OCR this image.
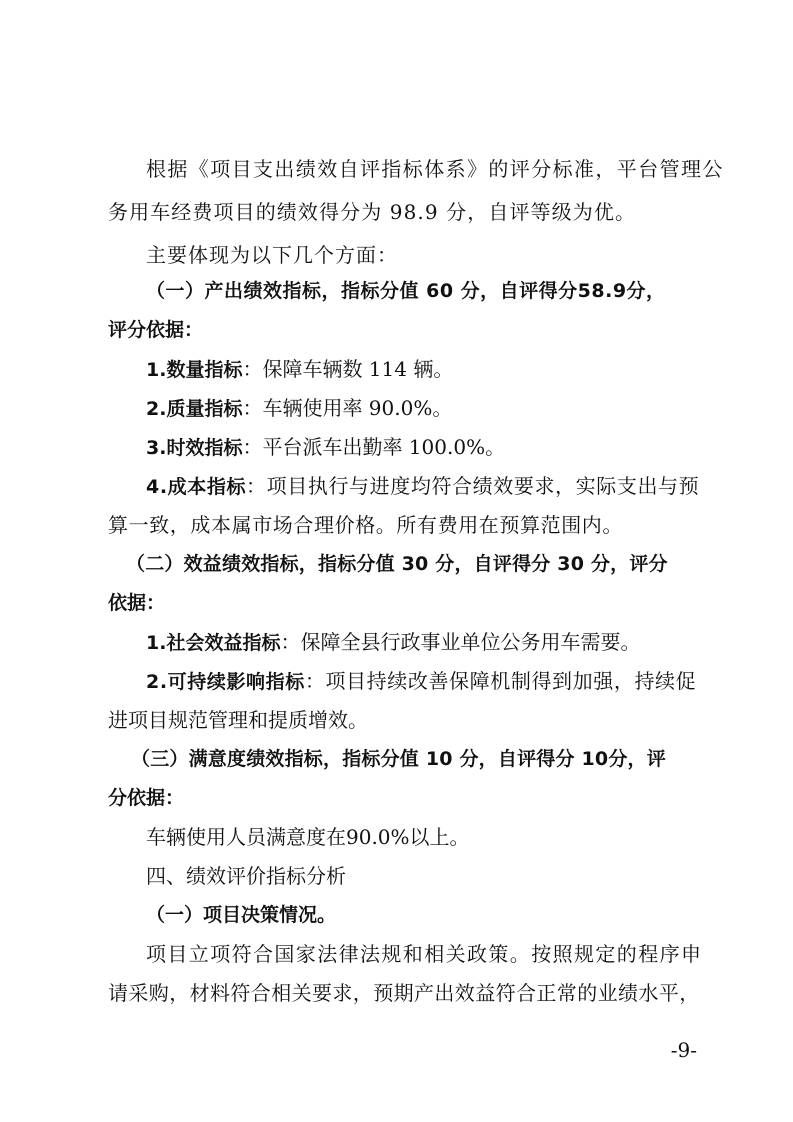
根据《项目支出绩效自评指标体系》的评分标准，平台管理公
务用车经费项目的绩效得分为 98.9 分，自评等级为优。
主要体现为以下几个方面：
（一）产出绩效指标，指标分值 60 分，自评得分58.9分，
评分依据：
1.数量指标：保障车辆数 114 辆。
2.质量指标：车辆使用率 90.0%。
3.时效指标：平台派车出勤率 100.0%。
4.成本指标：项目执行与进度均符合绩效要求，实际支出与预
算一致，成本属市场合理价格。所有费用在预算范围内。
（二）效益绩效指标，指标分值 30 分，自评得分 30 分，评分
依据：
1.社会效益指标：保障全县行政事业单位公务用车需要。
2.可持续影响指标：项目持续改善保障机制得到加强，持续促
进项目规范管理和提质增效。
（三）满意度绩效指标，指标分值 10 分，自评得分 10分，评
分依据：
车辆使用人员满意度在90.0%以上。
四、绩效评价指标分析
（一）项目决策情况。
项目立项符合国家法律法规和相关政策。按照规定的程序申
请采购，材料符合相关要求，预期产出效益符合正常的业绩水平，
-9-
